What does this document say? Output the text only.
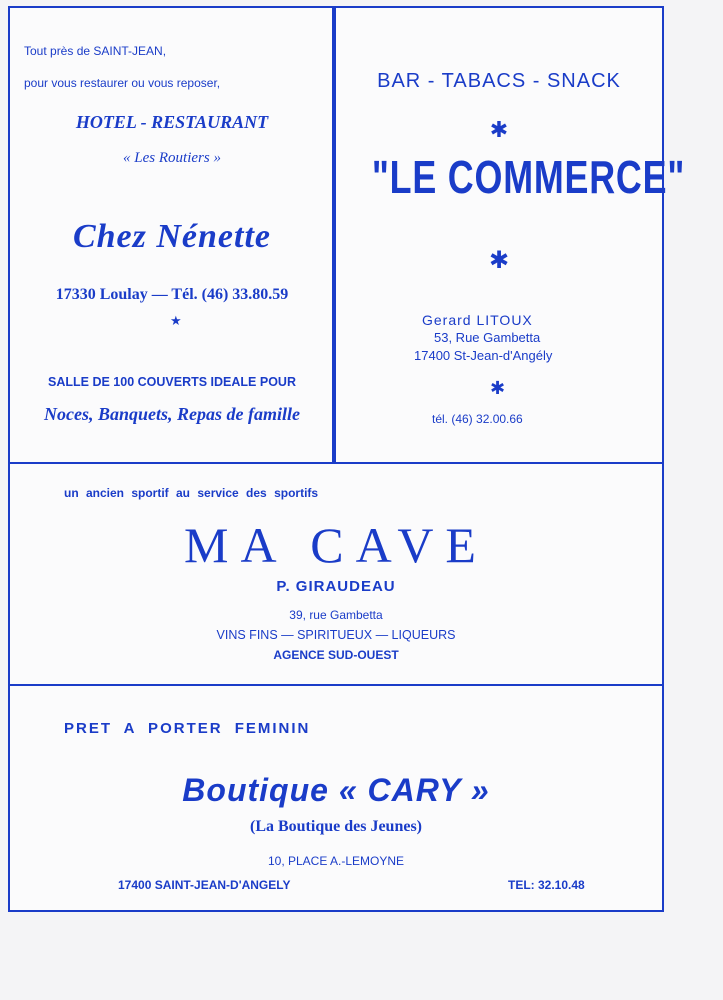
Tout près de SAINT-JEAN,
pour vous restaurer ou vous reposer,
HOTEL - RESTAURANT
« Les Routiers »
Chez Nénette
17330 Loulay — Tél. (46) 33.80.59
★
SALLE DE 100 COUVERTS IDEALE POUR
Noces, Banquets, Repas de famille
BAR - TABACS - SNACK
✱
"LE COMMERCE"
✱
Gerard LITOUX
53, Rue Gambetta
17400 St-Jean-d'Angély
✱
tél. (46) 32.00.66
un ancien sportif au service des sportifs
MA CAVE
P. GIRAUDEAU
39, rue Gambetta
VINS FINS — SPIRITUEUX — LIQUEURS
AGENCE SUD-OUEST
PRET A PORTER FEMININ
Boutique « CARY »
(La Boutique des Jeunes)
10, PLACE A.-LEMOYNE
17400 SAINT-JEAN-D'ANGELY	TEL: 32.10.48
